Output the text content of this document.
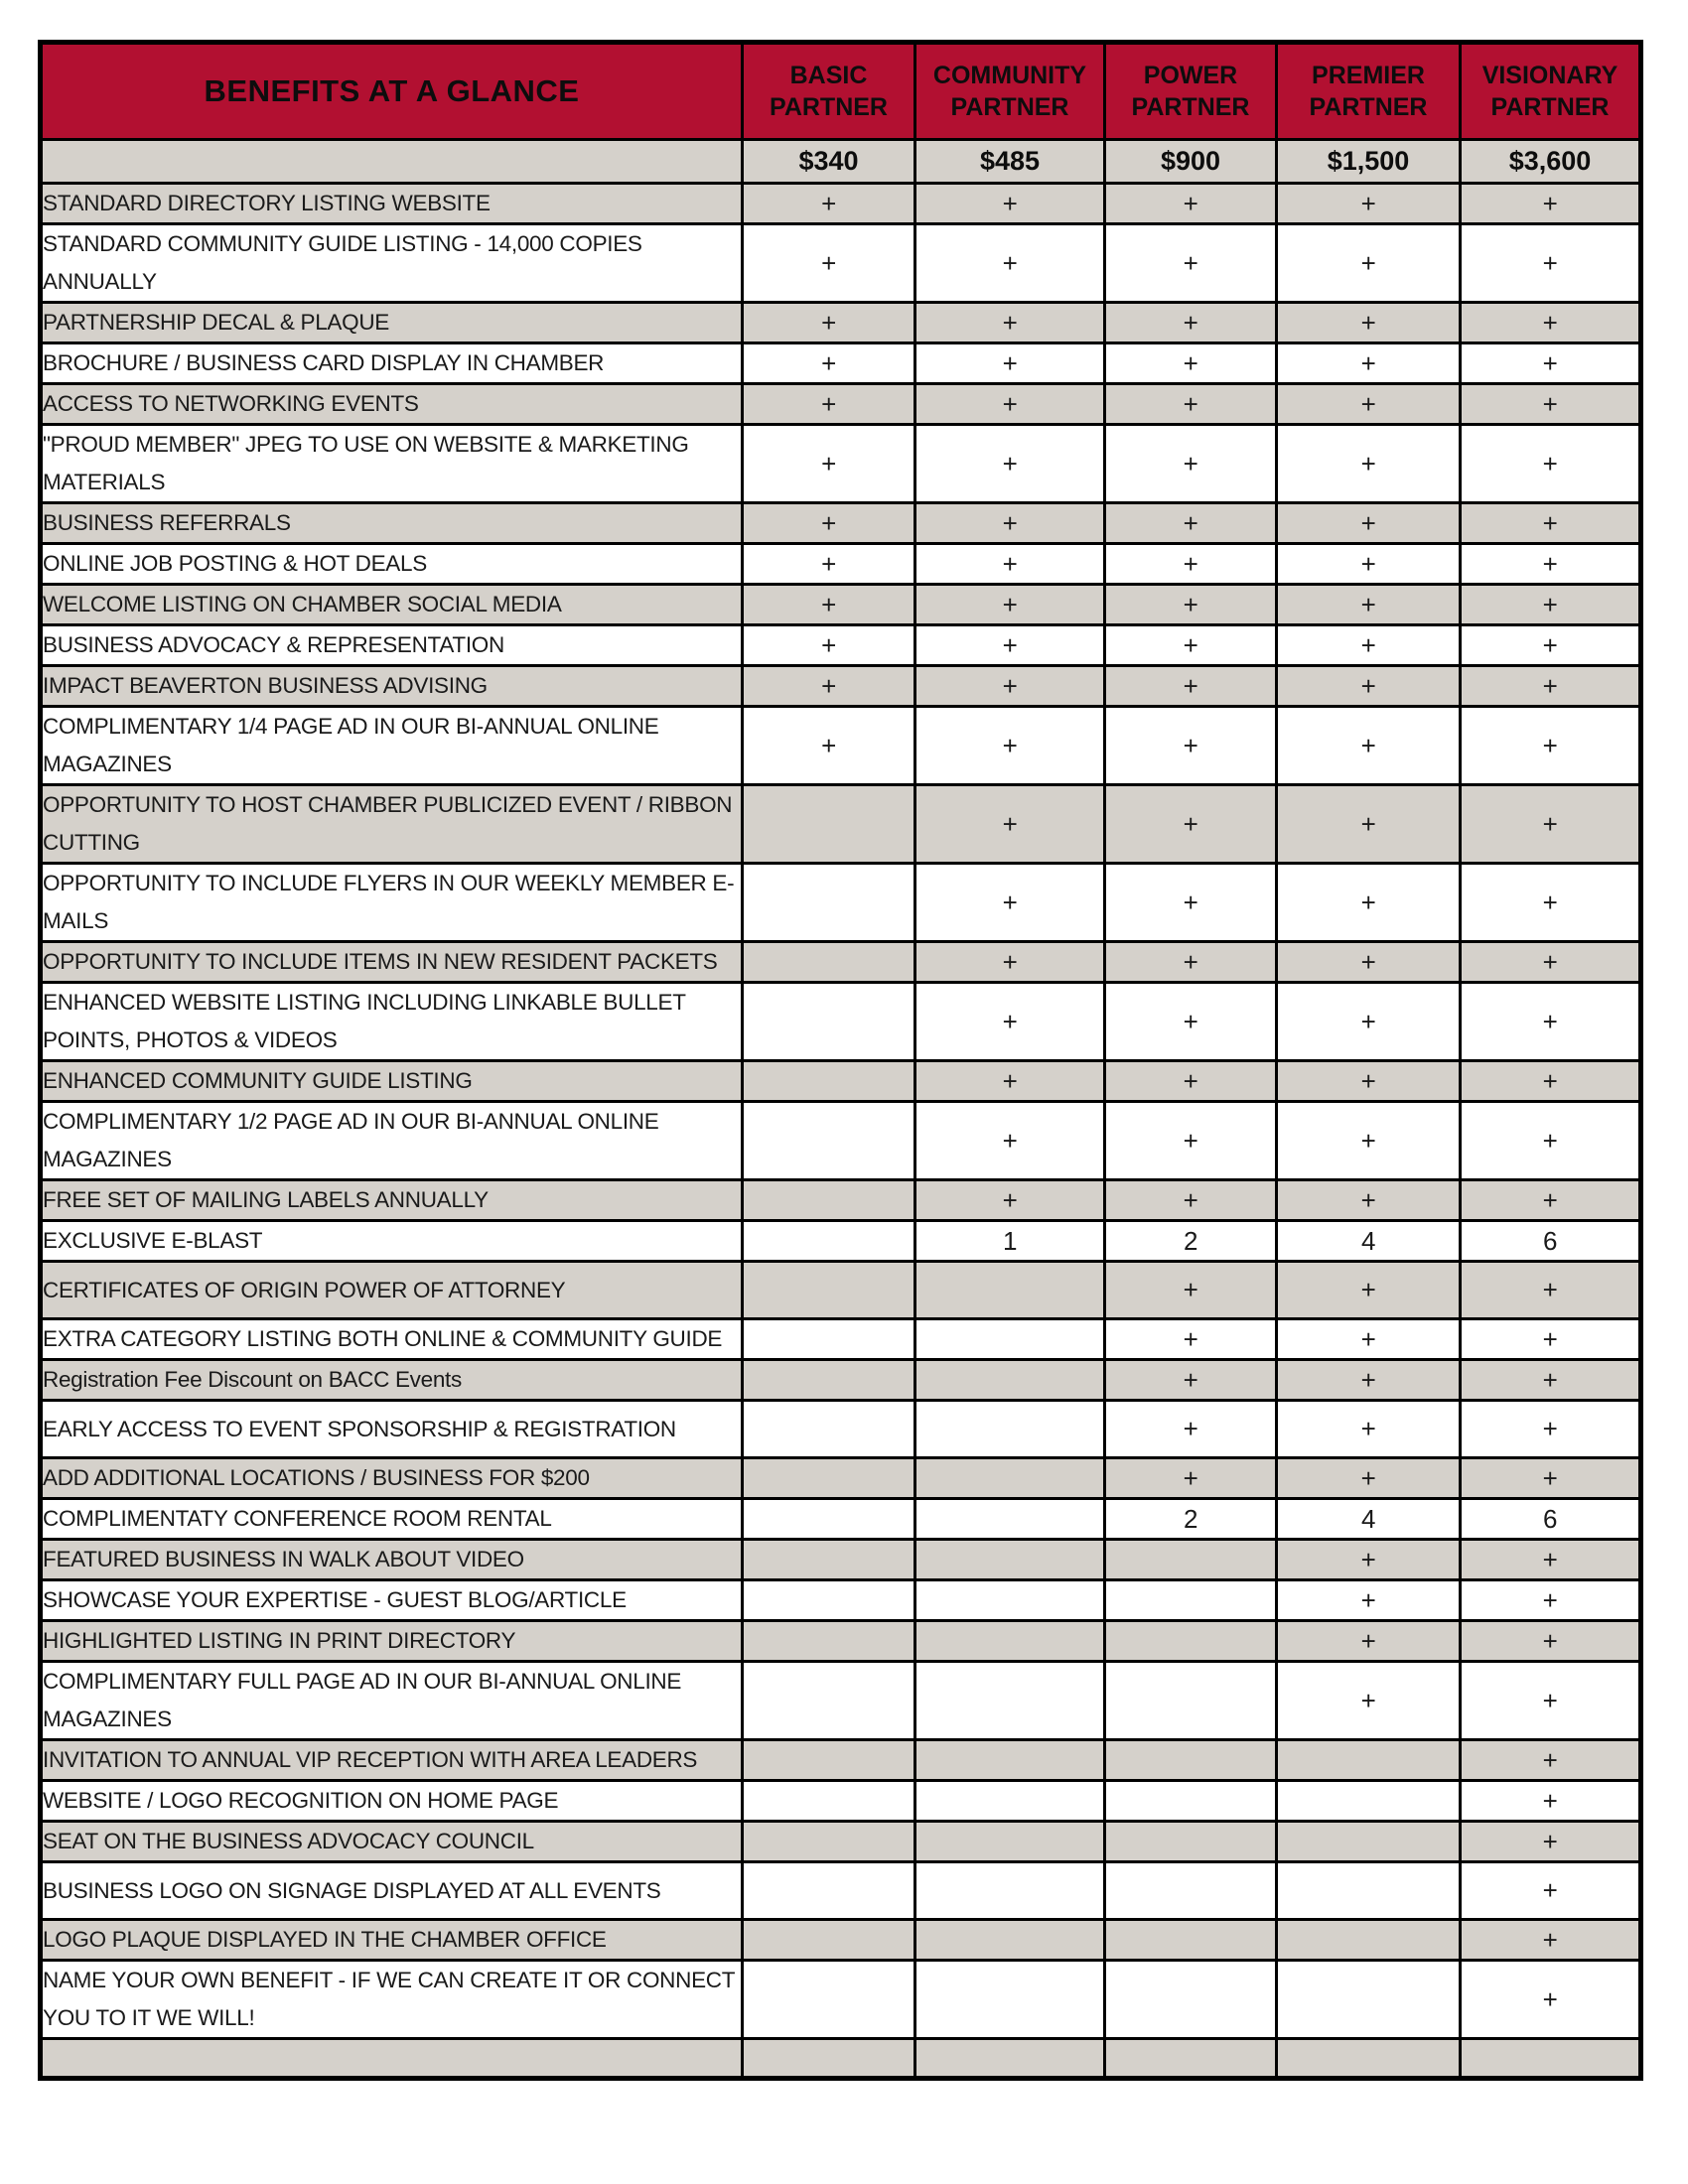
BENEFITS AT A GLANCE	BASIC PARTNER	COMMUNITY PARTNER	POWER PARTNER	PREMIER PARTNER	VISIONARY PARTNER
	$340	$485	$900	$1,500	$3,600
STANDARD DIRECTORY LISTING WEBSITE	+	+	+	+	+
STANDARD COMMUNITY GUIDE LISTING - 14,000 COPIES ANNUALLY	+	+	+	+	+
PARTNERSHIP DECAL & PLAQUE	+	+	+	+	+
BROCHURE / BUSINESS CARD DISPLAY IN CHAMBER	+	+	+	+	+
ACCESS TO NETWORKING EVENTS	+	+	+	+	+
"PROUD MEMBER" JPEG TO USE ON WEBSITE & MARKETING MATERIALS	+	+	+	+	+
BUSINESS REFERRALS	+	+	+	+	+
ONLINE JOB POSTING & HOT DEALS	+	+	+	+	+
WELCOME LISTING ON CHAMBER SOCIAL MEDIA	+	+	+	+	+
BUSINESS ADVOCACY & REPRESENTATION	+	+	+	+	+
IMPACT BEAVERTON BUSINESS ADVISING	+	+	+	+	+
COMPLIMENTARY 1/4 PAGE AD IN OUR BI-ANNUAL ONLINE MAGAZINES	+	+	+	+	+
OPPORTUNITY TO HOST CHAMBER PUBLICIZED EVENT / RIBBON CUTTING		+	+	+	+
OPPORTUNITY TO INCLUDE FLYERS IN OUR WEEKLY MEMBER E-MAILS		+	+	+	+
OPPORTUNITY TO INCLUDE ITEMS IN NEW RESIDENT PACKETS		+	+	+	+
ENHANCED WEBSITE LISTING INCLUDING LINKABLE BULLET POINTS, PHOTOS & VIDEOS		+	+	+	+
ENHANCED COMMUNITY GUIDE LISTING		+	+	+	+
COMPLIMENTARY 1/2 PAGE AD IN OUR BI-ANNUAL ONLINE MAGAZINES		+	+	+	+
FREE SET OF MAILING LABELS ANNUALLY		+	+	+	+
EXCLUSIVE E-BLAST		1	2	4	6
CERTIFICATES OF ORIGIN POWER OF ATTORNEY			+	+	+
EXTRA CATEGORY LISTING BOTH ONLINE & COMMUNITY GUIDE			+	+	+
Registration Fee Discount on BACC Events			+	+	+
EARLY ACCESS TO EVENT SPONSORSHIP & REGISTRATION			+	+	+
ADD ADDITIONAL LOCATIONS / BUSINESS FOR $200			+	+	+
COMPLIMENTATY CONFERENCE ROOM RENTAL			2	4	6
FEATURED BUSINESS IN WALK ABOUT VIDEO				+	+
SHOWCASE YOUR EXPERTISE - GUEST BLOG/ARTICLE				+	+
HIGHLIGHTED LISTING IN PRINT DIRECTORY				+	+
COMPLIMENTARY FULL PAGE AD IN OUR BI-ANNUAL ONLINE MAGAZINES				+	+
INVITATION TO ANNUAL VIP RECEPTION WITH AREA LEADERS					+
WEBSITE / LOGO RECOGNITION ON HOME PAGE					+
SEAT ON THE BUSINESS ADVOCACY COUNCIL					+
BUSINESS LOGO ON SIGNAGE DISPLAYED AT ALL EVENTS					+
LOGO PLAQUE DISPLAYED IN THE CHAMBER OFFICE					+
NAME YOUR OWN BENEFIT - IF WE CAN CREATE IT OR CONNECT YOU TO IT WE WILL!					+
